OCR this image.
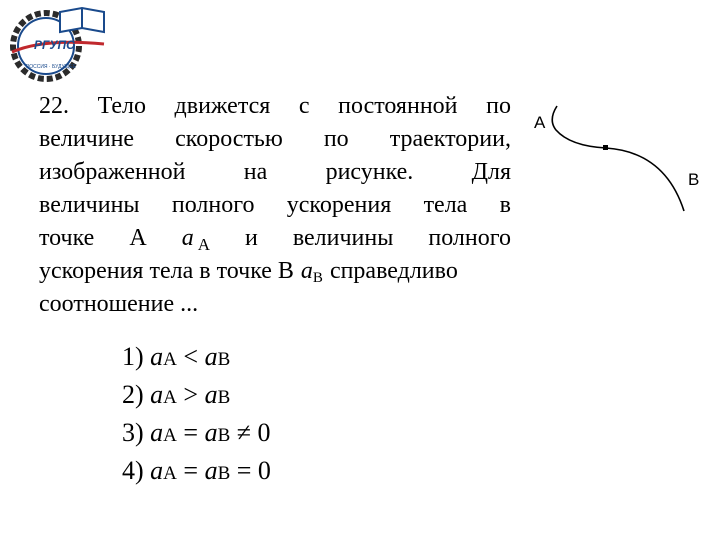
РГУПС
РОССИЯ · БУДУЩЕЕ
22. Тело движется с постоянной по
величине скоростью по траектории,
изображенной на рисунке. Для
величины полного ускорения тела в
точке А a $_А$ и величины полного
ускорения тела в точке В $a_В$ справедливо
соотношение ...
A
B
1) aA < aB
2) aA > aB
3) aA = aB ≠ 0
4) aA = aB = 0
